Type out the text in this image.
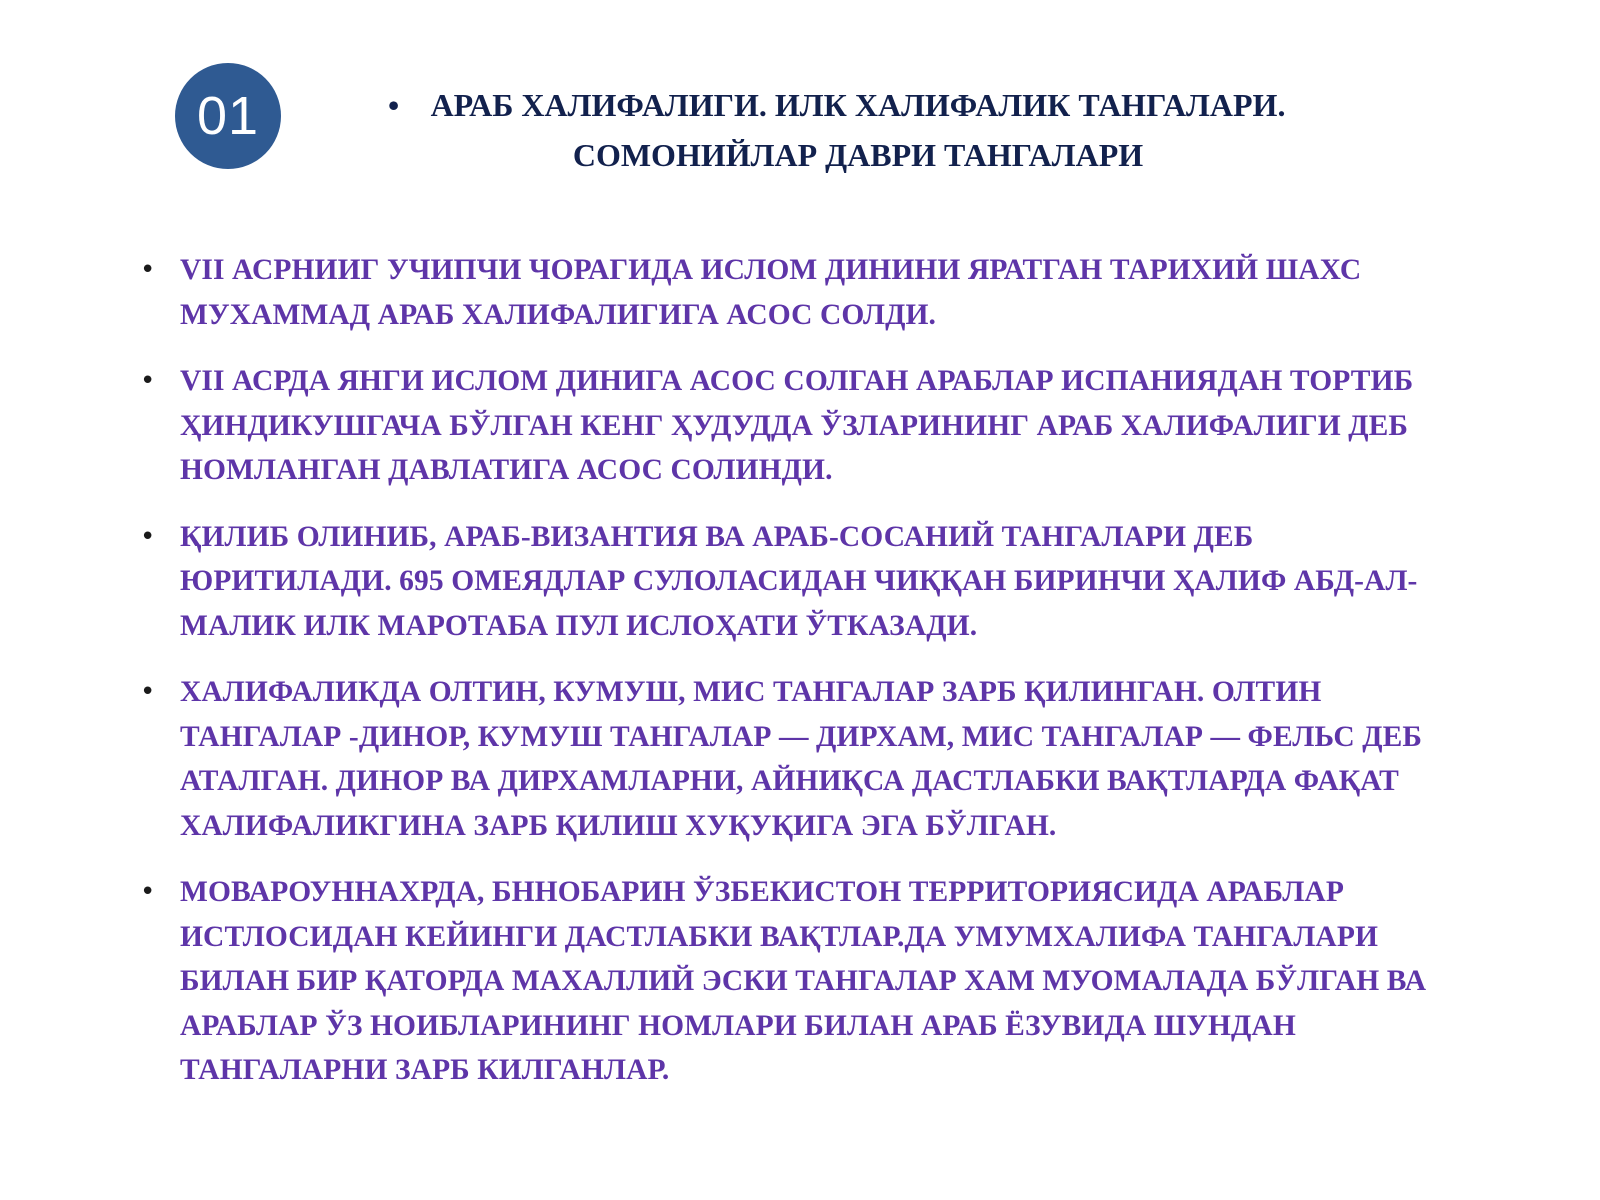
01	• АРАБ ХАЛИФАЛИГИ. ИЛК ХАЛИФАЛИК ТАНГАЛАРИ.
СОМОНИЙЛАР ДАВРИ ТАНГАЛАРИ
• VII АСРНИИГ УЧИПЧИ ЧОРАГИДА ИСЛОМ ДИНИНИ ЯРАТГАН ТАРИХИЙ ШАХС
МУХАММАД АРАБ ХАЛИФАЛИГИГА АСОС СОЛДИ.
• VII АСРДА ЯНГИ ИСЛОМ ДИНИГА АСОС СОЛГАН АРАБЛАР ИСПАНИЯДАН ТОРТИБ
ҲИНДИКУШГАЧА БЎЛГАН КЕНГ ҲУДУДДА ЎЗЛАРИНИНГ АРАБ ХАЛИФАЛИГИ ДЕБ
НОМЛАНГАН ДАВЛАТИГА АСОС СОЛИНДИ.
• ҚИЛИБ ОЛИНИБ, АРАБ-ВИЗАНТИЯ ВА АРАБ-СОСАНИЙ ТАНГАЛАРИ ДЕБ
ЮРИТИЛАДИ. 695 ОМЕЯДЛАР СУЛОЛАСИДАН ЧИҚҚАН БИРИНЧИ ҲАЛИФ АБД-АЛ-
МАЛИК ИЛК МАРОТАБА ПУЛ ИСЛОҲАТИ ЎТКАЗАДИ.
• ХАЛИФАЛИКДА ОЛТИН, КУМУШ, МИС ТАНГАЛАР ЗАРБ ҚИЛИНГАН. ОЛТИН
ТАНГАЛАР -ДИНОР, КУМУШ ТАНГАЛАР — ДИРХАМ, МИС ТАНГАЛАР — ФЕЛЬС ДЕБ
АТАЛГАН. ДИНОР ВА ДИРХАМЛАРНИ, АЙНИҚСА ДАСТЛАБКИ ВАҚТЛАРДА ФАҚАТ
ХАЛИФАЛИКГИНА ЗАРБ ҚИЛИШ ХУҚУҚИГА ЭГА БЎЛГАН.
• МОВАРОУННАХРДА, БННОБАРИН ЎЗБЕКИСТОН ТЕРРИТОРИЯСИДА АРАБЛАР
ИСТЛОСИДАН КЕЙИНГИ ДАСТЛАБКИ ВАҚТЛАР.ДА УМУМХАЛИФА ТАНГАЛАРИ
БИЛАН БИР ҚАТОРДА МАХАЛЛИЙ ЭСКИ ТАНГАЛАР ХАМ МУОМАЛАДА БЎЛГАН ВА
АРАБЛАР ЎЗ НОИБЛАРИНИНГ НОМЛАРИ БИЛАН АРАБ ЁЗУВИДА ШУНДАН
ТАНГАЛАРНИ ЗАРБ КИЛГАНЛАР.
